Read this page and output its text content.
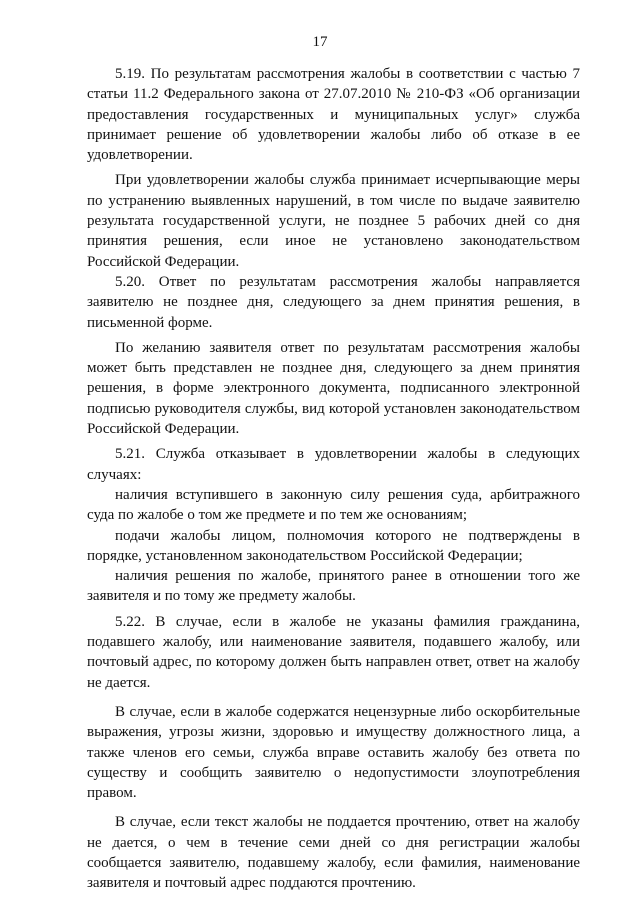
17

5.19. По результатам рассмотрения жалобы в соответствии с частью 7 статьи 11.2 Федерального закона от 27.07.2010 № 210-ФЗ «Об организации предоставления государственных и муниципальных услуг» служба принимает решение об удовлетворении жалобы либо об отказе в ее удовлетворении.

При удовлетворении жалобы служба принимает исчерпывающие меры по устранению выявленных нарушений, в том числе по выдаче заявителю результата государственной услуги, не позднее 5 рабочих дней со дня принятия решения, если иное не установлено законодательством Российской Федерации.

5.20. Ответ по результатам рассмотрения жалобы направляется заявителю не позднее дня, следующего за днем принятия решения, в письменной форме.

По желанию заявителя ответ по результатам рассмотрения жалобы может быть представлен не позднее дня, следующего за днем принятия решения, в форме электронного документа, подписанного электронной подписью руководителя службы, вид которой установлен законодательством Российской Федерации.

5.21. Служба отказывает в удовлетворении жалобы в следующих случаях:

наличия вступившего в законную силу решения суда, арбитражного суда по жалобе о том же предмете и по тем же основаниям;

подачи жалобы лицом, полномочия которого не подтверждены в порядке, установленном законодательством Российской Федерации;

наличия решения по жалобе, принятого ранее в отношении того же заявителя и по тому же предмету жалобы.

5.22. В случае, если в жалобе не указаны фамилия гражданина, подавшего жалобу, или наименование заявителя, подавшего жалобу, или почтовый адрес, по которому должен быть направлен ответ, ответ на жалобу не дается.

В случае, если в жалобе содержатся нецензурные либо оскорбительные выражения, угрозы жизни, здоровью и имуществу должностного лица, а также членов его семьи, служба вправе оставить жалобу без ответа по существу и сообщить заявителю о недопустимости злоупотребления правом.

В случае, если текст жалобы не поддается прочтению, ответ на жалобу не дается, о чем в течение семи дней со дня регистрации жалобы сообщается заявителю, подавшему жалобу, если фамилия, наименование заявителя и почтовый адрес поддаются прочтению.
